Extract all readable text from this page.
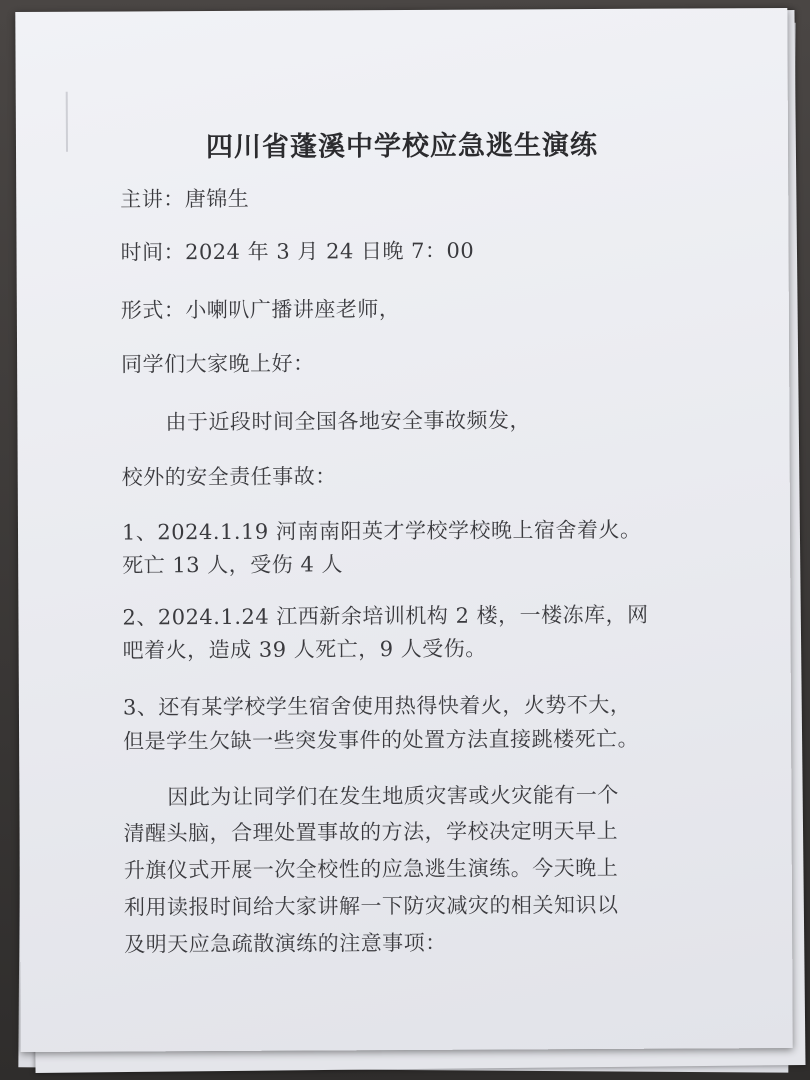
四川省蓬溪中学校应急逃生演练
主讲：唐锦生
时间：2024 年 3 月 24 日晚 7：00
形式：小喇叭广播讲座老师，
同学们大家晚上好：
由于近段时间全国各地安全事故频发，
校外的安全责任事故：
1、2024.1.19 河南南阳英才学校学校晚上宿舍着火。
死亡 13 人，受伤 4 人
2、2024.1.24 江西新余培训机构 2 楼，一楼冻库，网
吧着火，造成 39 人死亡，9 人受伤。
3、还有某学校学生宿舍使用热得快着火，火势不大，
但是学生欠缺一些突发事件的处置方法直接跳楼死亡。
因此为让同学们在发生地质灾害或火灾能有一个
清醒头脑，合理处置事故的方法，学校决定明天早上
升旗仪式开展一次全校性的应急逃生演练。今天晚上
利用读报时间给大家讲解一下防灾减灾的相关知识以
及明天应急疏散演练的注意事项：
